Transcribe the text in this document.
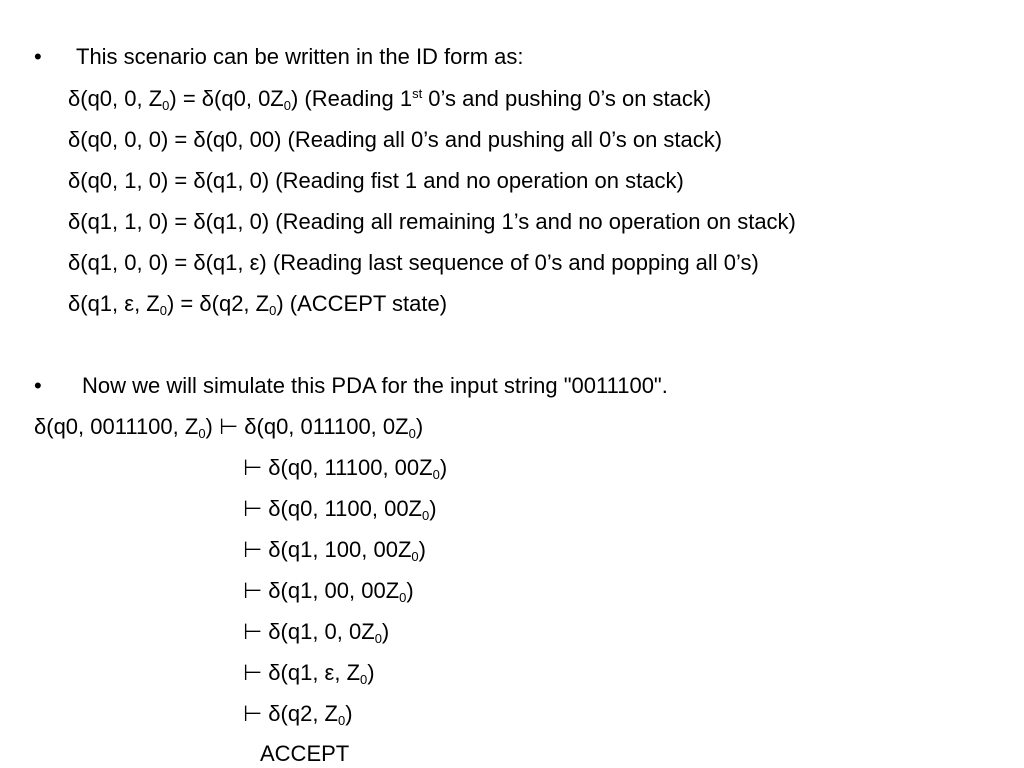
• This scenario can be written in the ID form as:
δ(q0, 0, $Z_0) = \delta(q0$, $0Z_0$) (Reading 1st 0’s and pushing 0’s on stack)
δ(q0, 0, 0) = δ(q0, 00) (Reading all 0’s and pushing all 0’s on stack)
δ(q0, 1, 0) = δ(q1, 0) (Reading fist 1 and no operation on stack)
δ(q1, 1, 0) = δ(q1, 0) (Reading all remaining 1’s and no operation on stack)
δ(q1, 0, 0) = δ(q1, ε) (Reading last sequence of 0’s and popping all 0’s)
δ(q1, ε, $Z_0) = \delta(q2$, $Z_0$) (ACCEPT state)
• Now we will simulate this PDA for the input string "0011100".
δ(q0, 0011100, $Z_0$) ⊢ δ(q0, 011100, $0Z_0$)
⊢ δ(q0, 11100, $00Z_0$)
⊢ δ(q0, 1100, $00Z_0$)
⊢ δ(q1, 100, $00Z_0$)
⊢ δ(q1, 00, $00Z_0$)
⊢ δ(q1, 0, $0Z_0$)
⊢ δ(q1, ε, $Z_0$)
⊢ δ(q2, $Z_0$)
ACCEPT
